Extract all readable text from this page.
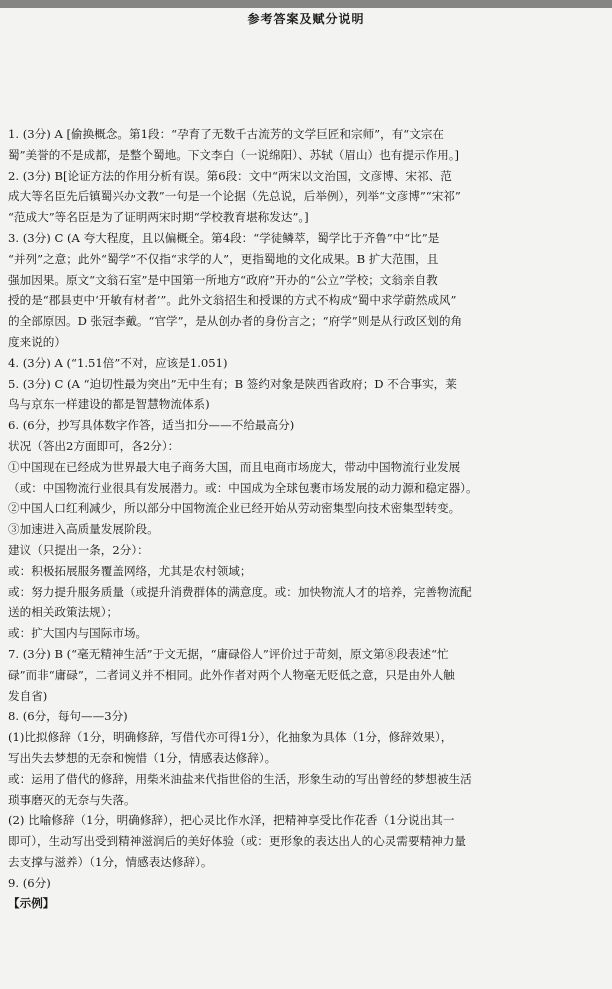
参考答案及赋分说明
1. (3分) A [偷换概念。第1段：“孕育了无数千古流芳的文学巨匠和宗师”，有“文宗在
蜀”美誉的不是成都，是整个蜀地。下文李白（一说绵阳）、苏轼（眉山）也有提示作用。]
2. (3分) B[论证方法的作用分析有误。第6段：文中“两宋以文治国，文彦博、宋祁、范
成大等名臣先后镇蜀兴办文教”一句是一个论据（先总说，后举例），列举“文彦博”“宋祁”
“范成大”等名臣是为了证明两宋时期“学校教育堪称发达”。]
3. (3分) C (A 夸大程度，且以偏概全。第4段：“学徒鳞萃，蜀学比于齐鲁”中“比”是
“并列”之意；此外“蜀学”不仅指“求学的人”，更指蜀地的文化成果。B 扩大范围，且
强加因果。原文“文翁石室”是中国第一所地方“政府”开办的“公立”学校；文翁亲自教
授的是“郡县吏中‘开敏有材者’”。此外文翁招生和授课的方式不构成“蜀中求学蔚然成风”
的全部原因。D 张冠李戴。“官学”，是从创办者的身份言之；“府学”则是从行政区划的角
度来说的）
4. (3分) A (“1.51倍”不对，应该是1.051)
5. (3分) C (A “迫切性最为突出”无中生有；B 签约对象是陕西省政府；D 不合事实，莱
鸟与京东一样建设的都是智慧物流体系)
6. (6分，抄写具体数字作答，适当扣分——不给最高分)
状况（答出2方面即可，各2分）：
①中国现在已经成为世界最大电子商务大国，而且电商市场庞大，带动中国物流行业发展
（或：中国物流行业很具有发展潜力。或：中国成为全球包裹市场发展的动力源和稳定器）。
②中国人口红利减少，所以部分中国物流企业已经开始从劳动密集型向技术密集型转变。
③加速进入高质量发展阶段。
建议（只提出一条，2分）：
或：积极拓展服务覆盖网络，尤其是农村领域；
或：努力提升服务质量（或提升消费群体的满意度。或：加快物流人才的培养，完善物流配
送的相关政策法规）；
或：扩大国内与国际市场。
7. (3分) B (“毫无精神生活”于文无据，“庸碌俗人”评价过于苛刻，原文第⑧段表述“忙
碌”而非“庸碌”，二者词义并不相同。此外作者对两个人物毫无贬低之意，只是由外人触
发自省)
8. (6分，每句——3分)
(1)比拟修辞（1分，明确修辞，写借代亦可得1分），化抽象为具体（1分，修辞效果），
写出失去梦想的无奈和惋惜（1分，情感表达修辞）。
或：运用了借代的修辞，用柴米油盐来代指世俗的生活，形象生动的写出曾经的梦想被生活
琐事磨灭的无奈与失落。
(2) 比喻修辞（1分，明确修辞），把心灵比作水泽，把精神享受比作花香（1分说出其一
即可），生动写出受到精神滋润后的美好体验（或：更形象的表达出人的心灵需要精神力量
去支撑与滋养）（1分，情感表达修辞）。
9. (6分)
【示例】
